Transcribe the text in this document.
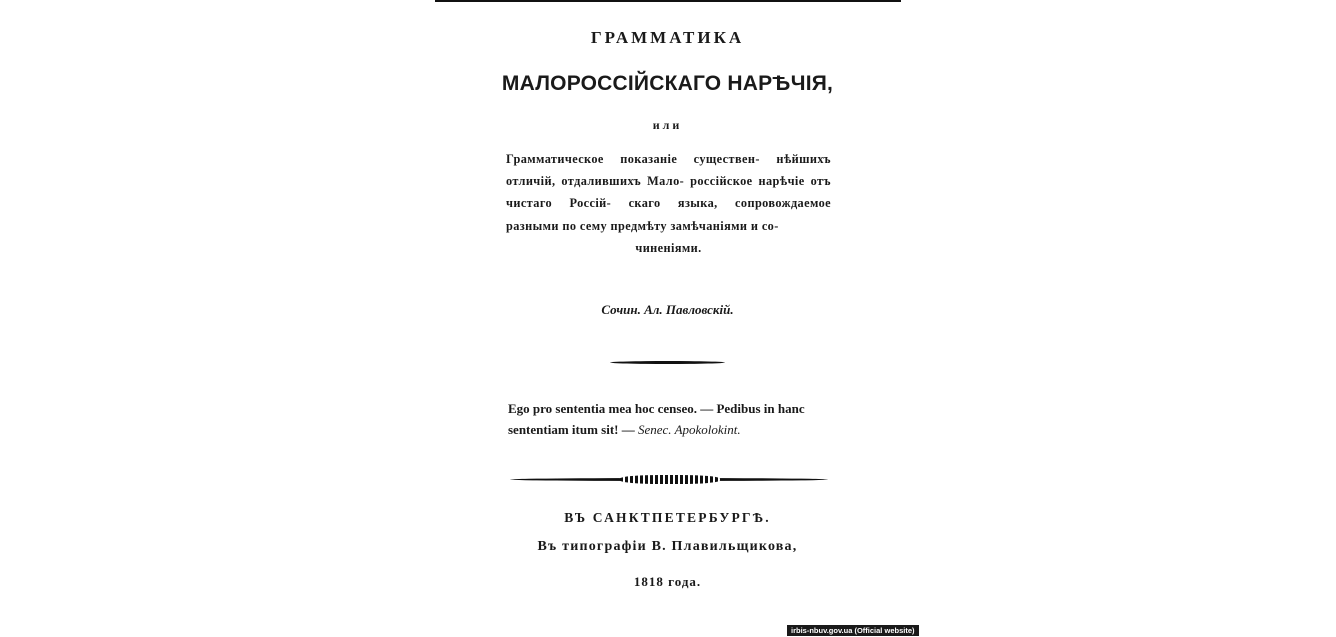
ГРАММАТИКА
МАЛОРОССІЙСКАГО НАРѢЧІЯ,
или
Грамматическое показаніе существен- нѣйшихъ отличій, отдалившихъ Мало- россійское нарѣчіе отъ чистаго Россій- скаго языка, сопровождаемое разными по сему предмѣту замѣчаніями и со-
чиненіями.
Сочин. Ал. Павловскій.
Ego pro sententia mea hoc censeo. — Pedibus in hanc sententiam itum sit! — Senec. Apokolokint.
ВЪ САНКТПЕТЕРБУРГѢ.
Въ типографіи В. Плавильщикова,
1818 года.
irbis-nbuv.gov.ua (Official website)
